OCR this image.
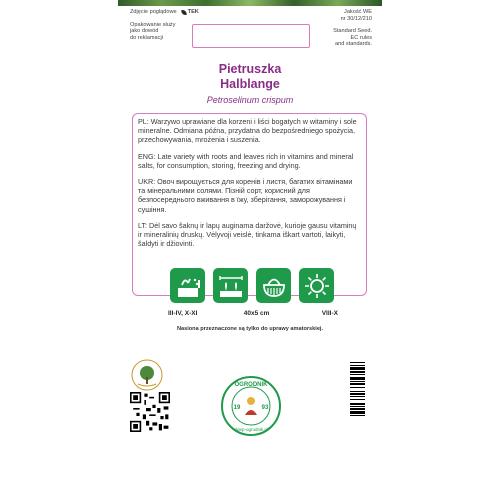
Zdjęcie poglądowe TEK
Opakowanie służy
jako dowód
do reklamacji
Jakość WE
nr 30/12/210
Standard Seed.
EC rules
and standards.
Pietruszka
Halblange
Petroselinum crispum

PL: Warzywo uprawiane dla korzeni i liści bogatych w witaminy i sole mineralne. Odmiana późna, przydatna do bezpośredniego spożycia, przechowywania, mrożenia i suszenia.

ENG: Late variety with roots and leaves rich in vitamins and mineral salts, for consumption, storing, freezing and drying.

UKR: Овоч вирощується для коренів і листя, багатих вітамінами та мінеральними солями. Пізній сорт, корисний для безпосереднього вживання в їжу, зберігання, заморожування і сушіння.

LT: Dėl savo šaknų ir lapų auginama daržovė, kurioje gausu vitaminų ir mineralinių druskų. Vėlyvoji veislė, tinkama iškart vartoti, laikyti, šaldyti ir džiovinti.

III-IV, X-XI	40x5 cm	VIII-X
Nasiona przeznaczone są tylko do uprawy amatorskiej.
OGRODNIK
19	93
sklep-ogrodnik.pl
